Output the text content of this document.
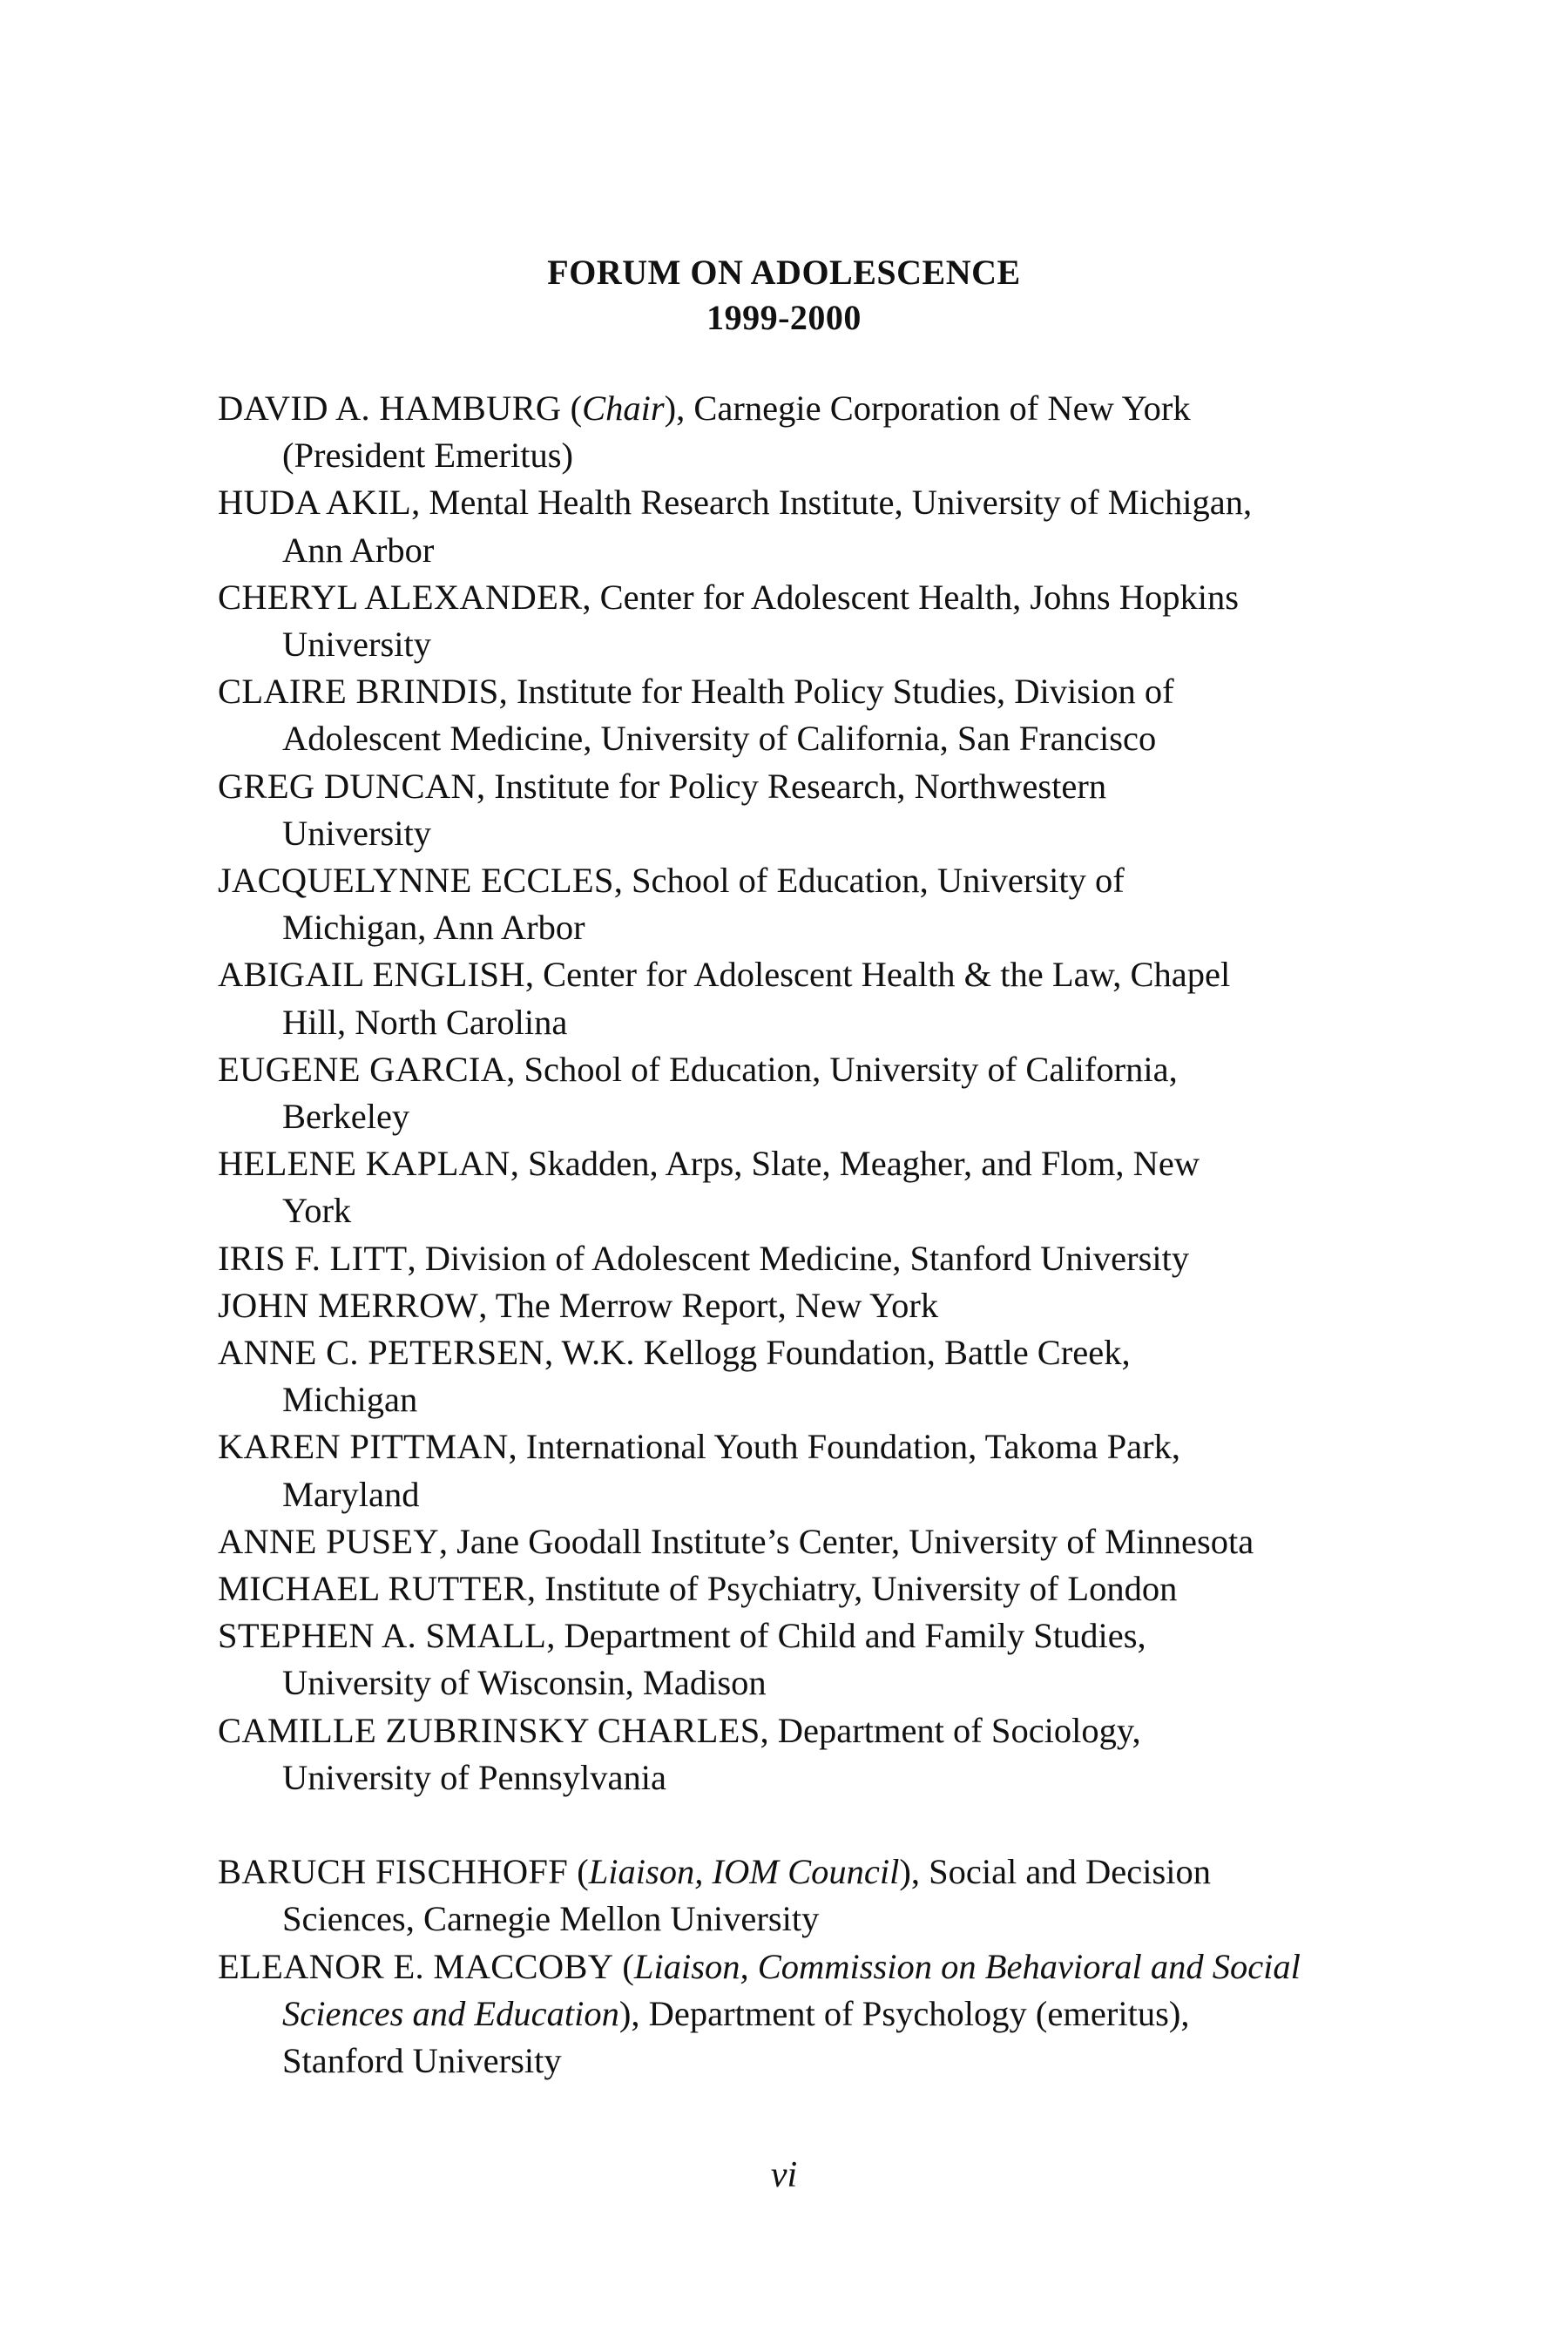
FORUM ON ADOLESCENCE
1999-2000

DAVID A. HAMBURG (Chair), Carnegie Corporation of New York
(President Emeritus)

HUDA AKIL, Mental Health Research Institute, University of Michigan,
Ann Arbor

CHERYL ALEXANDER, Center for Adolescent Health, Johns Hopkins
University

CLAIRE BRINDIS, Institute for Health Policy Studies, Division of
Adolescent Medicine, University of California, San Francisco

GREG DUNCAN, Institute for Policy Research, Northwestern
University

JACQUELYNNE ECCLES, School of Education, University of
Michigan, Ann Arbor

ABIGAIL ENGLISH, Center for Adolescent Health & the Law, Chapel
Hill, North Carolina

EUGENE GARCIA, School of Education, University of California,
Berkeley

HELENE KAPLAN, Skadden, Arps, Slate, Meagher, and Flom, New
York

IRIS F. LITT, Division of Adolescent Medicine, Stanford University

JOHN MERROW, The Merrow Report, New York

ANNE C. PETERSEN, W.K. Kellogg Foundation, Battle Creek,
Michigan

KAREN PITTMAN, International Youth Foundation, Takoma Park,
Maryland

ANNE PUSEY, Jane Goodall Institute’s Center, University of Minnesota

MICHAEL RUTTER, Institute of Psychiatry, University of London

STEPHEN A. SMALL, Department of Child and Family Studies,
University of Wisconsin, Madison

CAMILLE ZUBRINSKY CHARLES, Department of Sociology,
University of Pennsylvania

BARUCH FISCHHOFF (Liaison, IOM Council), Social and Decision
Sciences, Carnegie Mellon University

ELEANOR E. MACCOBY (Liaison, Commission on Behavioral and Social
Sciences and Education), Department of Psychology (emeritus),
Stanford University

vi
